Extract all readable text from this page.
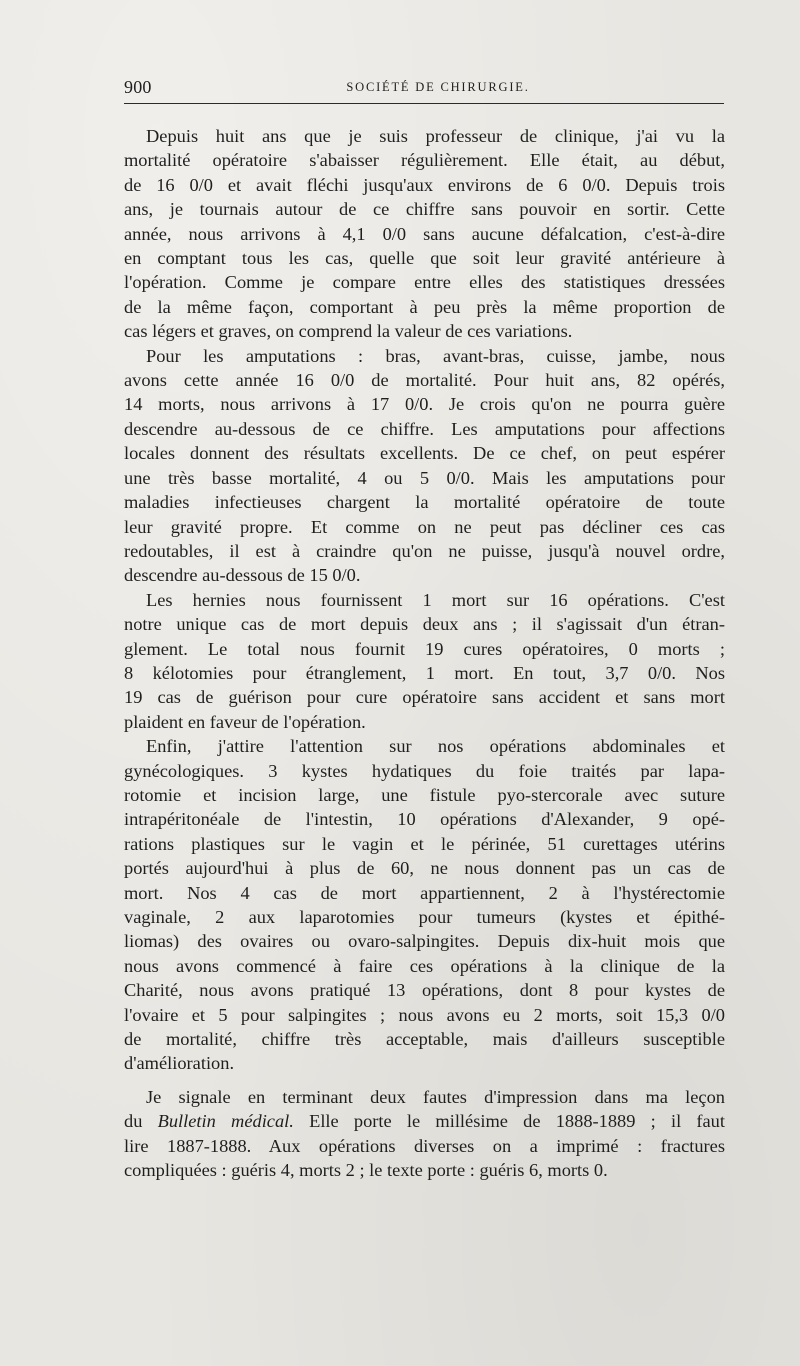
900	SOCIÉTÉ DE CHIRURGIE.

Depuis huit ans que je suis professeur de clinique, j'ai vu la
mortalité opératoire s'abaisser régulièrement. Elle était, au début,
de 16 0/0 et avait fléchi jusqu'aux environs de 6 0/0. Depuis trois
ans, je tournais autour de ce chiffre sans pouvoir en sortir. Cette
année, nous arrivons à 4,1 0/0 sans aucune défalcation, c'est-à-dire
en comptant tous les cas, quelle que soit leur gravité antérieure à
l'opération. Comme je compare entre elles des statistiques dressées
de la même façon, comportant à peu près la même proportion de
cas légers et graves, on comprend la valeur de ces variations.

Pour les amputations : bras, avant-bras, cuisse, jambe, nous
avons cette année 16 0/0 de mortalité. Pour huit ans, 82 opérés,
14 morts, nous arrivons à 17 0/0. Je crois qu'on ne pourra guère
descendre au-dessous de ce chiffre. Les amputations pour affections
locales donnent des résultats excellents. De ce chef, on peut espérer
une très basse mortalité, 4 ou 5 0/0. Mais les amputations pour
maladies infectieuses chargent la mortalité opératoire de toute
leur gravité propre. Et comme on ne peut pas décliner ces cas
redoutables, il est à craindre qu'on ne puisse, jusqu'à nouvel ordre,
descendre au-dessous de 15 0/0.

Les hernies nous fournissent 1 mort sur 16 opérations. C'est
notre unique cas de mort depuis deux ans ; il s'agissait d'un étran-
glement. Le total nous fournit 19 cures opératoires, 0 morts ;
8 kélotomies pour étranglement, 1 mort. En tout, 3,7 0/0. Nos
19 cas de guérison pour cure opératoire sans accident et sans mort
plaident en faveur de l'opération.

Enfin, j'attire l'attention sur nos opérations abdominales et
gynécologiques. 3 kystes hydatiques du foie traités par lapa-
rotomie et incision large, une fistule pyo-stercorale avec suture
intrapéritonéale de l'intestin, 10 opérations d'Alexander, 9 opé-
rations plastiques sur le vagin et le périnée, 51 curettages utérins
portés aujourd'hui à plus de 60, ne nous donnent pas un cas de
mort. Nos 4 cas de mort appartiennent, 2 à l'hystérectomie
vaginale, 2 aux laparotomies pour tumeurs (kystes et épithé-
liomas) des ovaires ou ovaro-salpingites. Depuis dix-huit mois que
nous avons commencé à faire ces opérations à la clinique de la
Charité, nous avons pratiqué 13 opérations, dont 8 pour kystes de
l'ovaire et 5 pour salpingites ; nous avons eu 2 morts, soit 15,3 0/0
de mortalité, chiffre très acceptable, mais d'ailleurs susceptible
d'amélioration.

Je signale en terminant deux fautes d'impression dans ma leçon
du Bulletin médical. Elle porte le millésime de 1888-1889 ; il faut
lire 1887-1888. Aux opérations diverses on a imprimé : fractures
compliquées : guéris 4, morts 2 ; le texte porte : guéris 6, morts 0.
